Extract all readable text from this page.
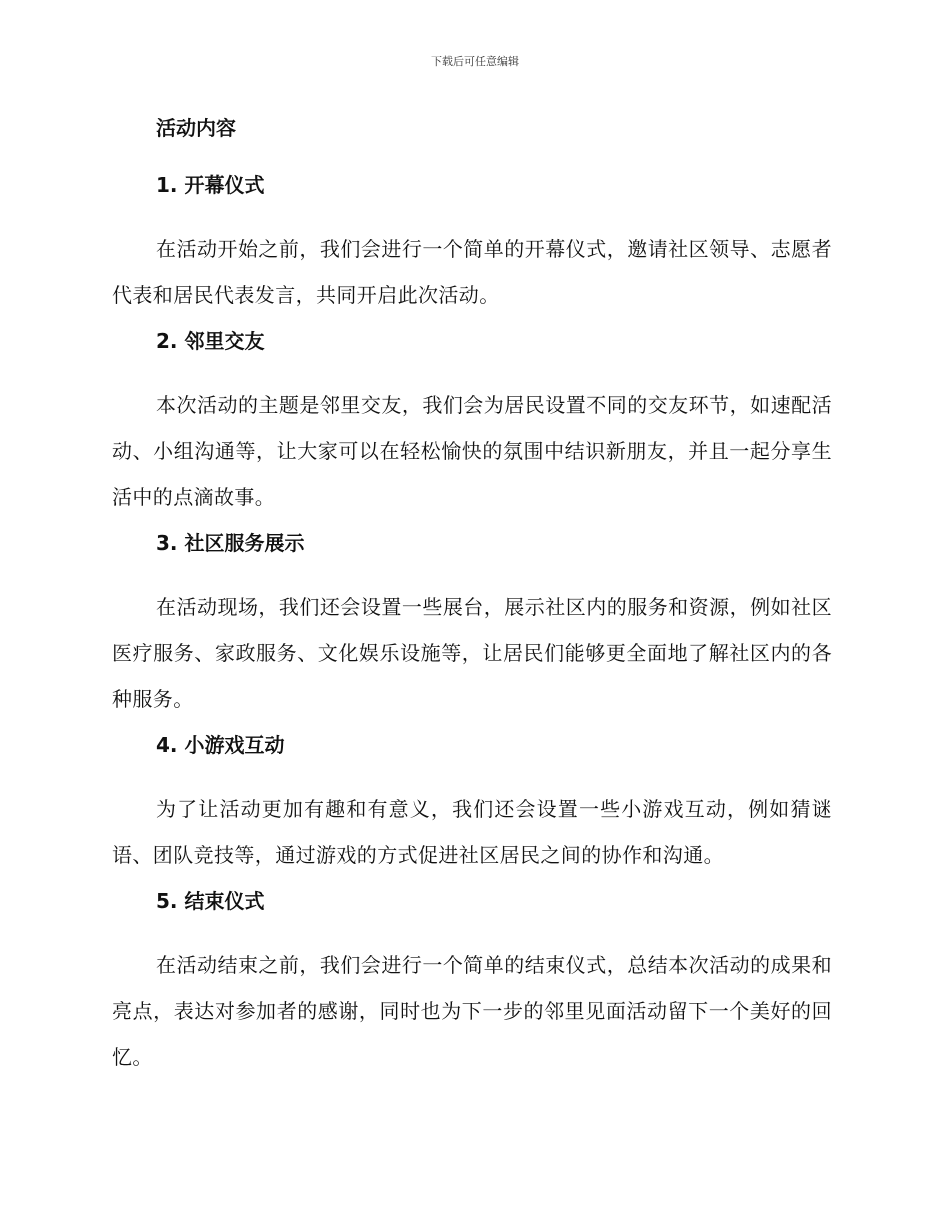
下载后可任意编辑
活动内容
1. 开幕仪式
在活动开始之前，我们会进行一个简单的开幕仪式，邀请社区领导、志愿者代表和居民代表发言，共同开启此次活动。
2. 邻里交友
本次活动的主题是邻里交友，我们会为居民设置不同的交友环节，如速配活动、小组沟通等，让大家可以在轻松愉快的氛围中结识新朋友，并且一起分享生活中的点滴故事。
3. 社区服务展示
在活动现场，我们还会设置一些展台，展示社区内的服务和资源，例如社区医疗服务、家政服务、文化娱乐设施等，让居民们能够更全面地了解社区内的各种服务。
4. 小游戏互动
为了让活动更加有趣和有意义，我们还会设置一些小游戏互动，例如猜谜语、团队竞技等，通过游戏的方式促进社区居民之间的协作和沟通。
5. 结束仪式
在活动结束之前，我们会进行一个简单的结束仪式，总结本次活动的成果和亮点，表达对参加者的感谢，同时也为下一步的邻里见面活动留下一个美好的回忆。
